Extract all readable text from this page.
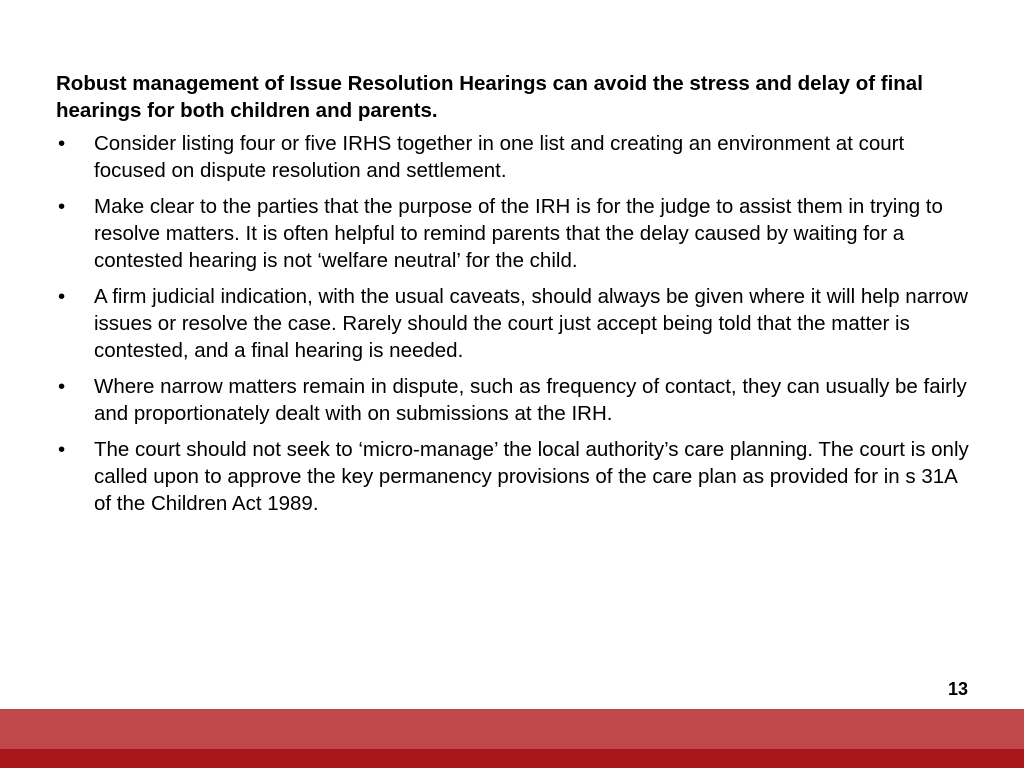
Robust management of Issue Resolution Hearings can avoid the stress and delay of final hearings for both children and parents.

• Consider listing four or five IRHS together in one list and creating an environment at court focused on dispute resolution and settlement.
• Make clear to the parties that the purpose of the IRH is for the judge to assist them in trying to resolve matters. It is often helpful to remind parents that the delay caused by waiting for a contested hearing is not ‘welfare neutral’ for the child.
• A firm judicial indication, with the usual caveats, should always be given where it will help narrow issues or resolve the case. Rarely should the court just accept being told that the matter is contested, and a final hearing is needed.
• Where narrow matters remain in dispute, such as frequency of contact, they can usually be fairly and proportionately dealt with on submissions at the IRH.
• The court should not seek to ‘micro-manage’ the local authority’s care planning. The court is only called upon to approve the key permanency provisions of the care plan as provided for in s 31A of the Children Act 1989.
13
